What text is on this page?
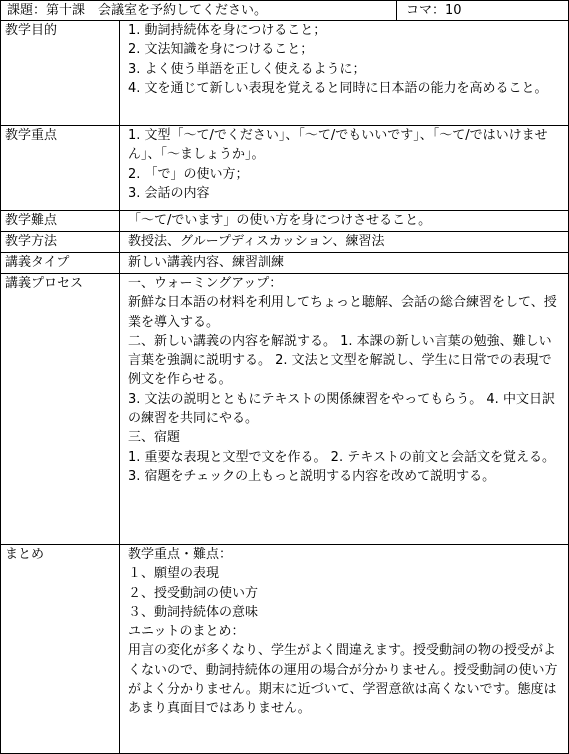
課題：第十課　会議室を予約してください。	コマ：10
教学目的	1. 動詞持続体を身につけること；
2. 文法知識を身につけること；
3. よく使う単語を正しく使えるように；
4. 文を通じて新しい表現を覚えると同時に日本語の能力を高めること。
教学重点	1. 文型「～て/でください」、「～て/でもいいです」、「～て/ではいけません」、「～ましょうか」。
2. 「で」の使い方；
3. 会話の内容
教学難点	「～て/でいます」の使い方を身につけさせること。
教学方法	教授法、グループディスカッション、練習法
講義タイプ	新しい講義内容、練習訓練
講義プロセス	一、ウォーミングアップ：
新鮮な日本語の材料を利用してちょっと聴解、会話の総合練習をして、授業を導入する。
二、新しい講義の内容を解説する。 1. 本課の新しい言葉の勉強、難しい言葉を強調に説明する。 2. 文法と文型を解説し、学生に日常での表現で例文を作らせる。
3. 文法の説明とともにテキストの関係練習をやってもらう。 4. 中文日訳の練習を共同にやる。
三、宿題
1. 重要な表現と文型で文を作る。 2. テキストの前文と会話文を覚える。
3. 宿題をチェックの上もっと説明する内容を改めて説明する。
まとめ	教学重点・難点：
１、願望の表現
２、授受動詞の使い方
３、動詞持続体の意味
ユニットのまとめ：
用言の変化が多くなり、学生がよく間違えます。授受動詞の物の授受がよくないので、動詞持続体の運用の場合が分かりません。授受動詞の使い方がよく分かりません。期末に近づいて、学習意欲は高くないです。態度はあまり真面目ではありません。
